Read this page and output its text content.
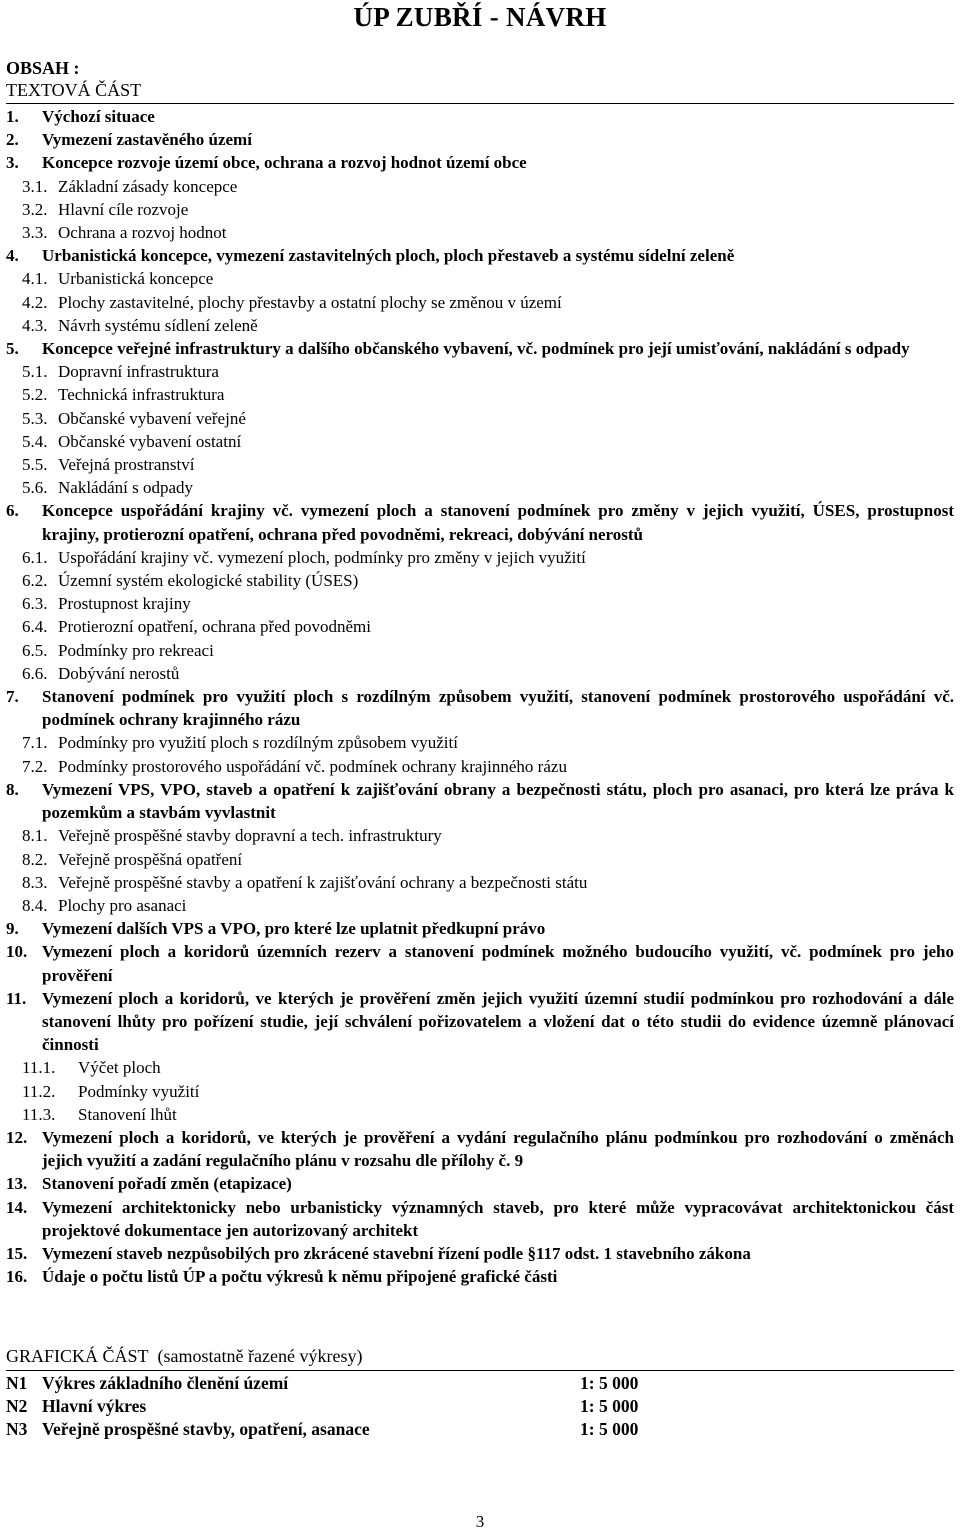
ÚP ZUBŘÍ - NÁVRH
OBSAH :
TEXTOVÁ ČÁST
1.	Výchozí situace
2.	Vymezení zastavěného území
3.	Koncepce rozvoje území obce, ochrana a rozvoj hodnot území obce
3.1. Základní zásady koncepce
3.2. Hlavní cíle rozvoje
3.3. Ochrana a rozvoj hodnot
4.	Urbanistická koncepce, vymezení zastavitelných ploch, ploch přestaveb a systému sídelní zeleně
4.1. Urbanistická koncepce
4.2. Plochy zastavitelné, plochy přestavby a ostatní plochy se změnou v území
4.3. Návrh systému sídlení zeleně
5.	Koncepce veřejné infrastruktury a dalšího občanského vybavení, vč. podmínek pro její umisťování, nakládání s odpady
5.1. Dopravní infrastruktura
5.2. Technická infrastruktura
5.3. Občanské vybavení veřejné
5.4. Občanské vybavení ostatní
5.5. Veřejná prostranství
5.6. Nakládání s odpady
6.	Koncepce uspořádání krajiny vč. vymezení ploch a stanovení podmínek pro změny v jejich využití, ÚSES, prostupnost krajiny, protierozní opatření, ochrana před povodněmi, rekreaci, dobývání nerostů
6.1. Uspořádání krajiny vč. vymezení ploch, podmínky pro změny v jejich využití
6.2. Územní systém ekologické stability (ÚSES)
6.3. Prostupnost krajiny
6.4. Protierozní opatření, ochrana před povodněmi
6.5. Podmínky pro rekreaci
6.6. Dobývání nerostů
7.	Stanovení podmínek pro využití ploch s rozdílným způsobem využití, stanovení podmínek prostorového uspořádání vč. podmínek ochrany krajinného rázu
7.1. Podmínky pro využití ploch s rozdílným způsobem využití
7.2. Podmínky prostorového uspořádání vč. podmínek ochrany krajinného rázu
8.	Vymezení VPS, VPO, staveb a opatření k zajišťování obrany a bezpečnosti státu, ploch pro asanaci, pro která lze práva k pozemkům a stavbám vyvlastnit
8.1. Veřejně prospěšné stavby dopravní a tech. infrastruktury
8.2. Veřejně prospěšná opatření
8.3. Veřejně prospěšné stavby a opatření k zajišťování ochrany a bezpečnosti státu
8.4. Plochy pro asanaci
9.	Vymezení dalších VPS a VPO, pro které lze uplatnit předkupní právo
10. Vymezení ploch a koridorů územních rezerv a stanovení podmínek možného budoucího využití, vč. podmínek pro jeho prověření
11. Vymezení ploch a koridorů, ve kterých je prověření změn jejich využití územní studií podmínkou pro rozhodování a dále stanovení lhůty pro pořízení studie, její schválení pořizovatelem a vložení dat o této studii do evidence územně plánovací činnosti
11.1.	Výčet ploch
11.2.	Podmínky využití
11.3.	Stanovení lhůt
12. Vymezení ploch a koridorů, ve kterých je prověření a vydání regulačního plánu podmínkou pro rozhodování o změnách jejich využití a zadání regulačního plánu v rozsahu dle přílohy č. 9
13. Stanovení pořadí změn (etapizace)
14. Vymezení architektonicky nebo urbanisticky významných staveb, pro které může vypracovávat architektonickou část projektové dokumentace jen autorizovaný architekt
15. Vymezení staveb nezpůsobilých pro zkrácené stavební řízení podle §117 odst. 1 stavebního zákona
16. Údaje o počtu listů ÚP a počtu výkresů k němu připojené grafické části
GRAFICKÁ ČÁST (samostatně řazené výkresy)
N1 Výkres základního členění území	1: 5 000
N2 Hlavní výkres	1: 5 000
N3 Veřejně prospěšné stavby, opatření, asanace	1: 5 000
3
